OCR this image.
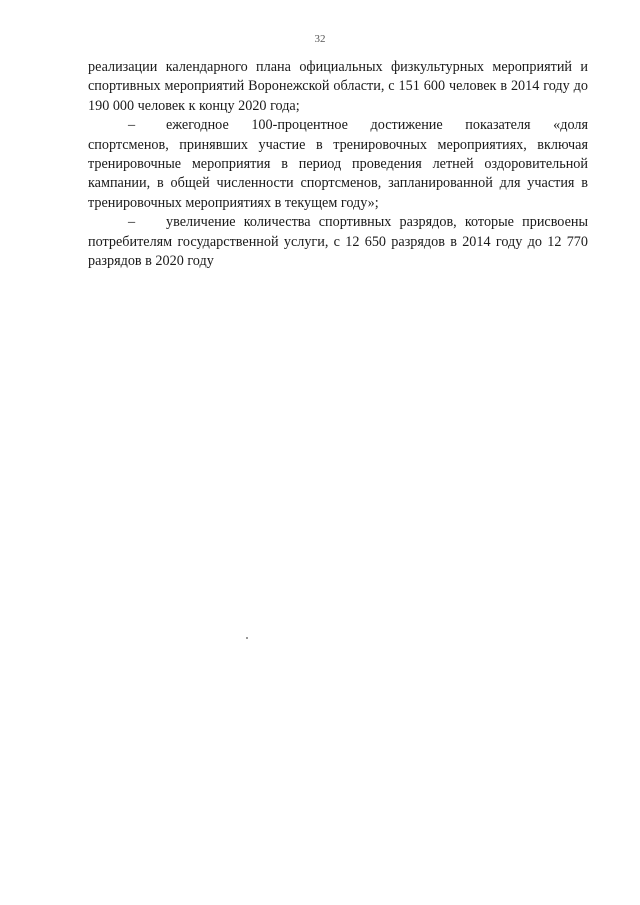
32

реализации календарного плана официальных физкультурных мероприятий и спортивных мероприятий Воронежской области, с 151 600 человек в 2014 году до 190 000 человек к концу 2020 года;

– ежегодное 100-процентное достижение показателя «доля спортсменов, принявших участие в тренировочных мероприятиях, включая тренировочные мероприятия в период проведения летней оздоровительной кампании, в общей численности спортсменов, запланированной для участия в тренировочных мероприятиях в текущем году»;

– увеличение количества спортивных разрядов, которые присвоены потребителям государственной услуги, с 12 650 разрядов в 2014 году до 12 770 разрядов в 2020 году
